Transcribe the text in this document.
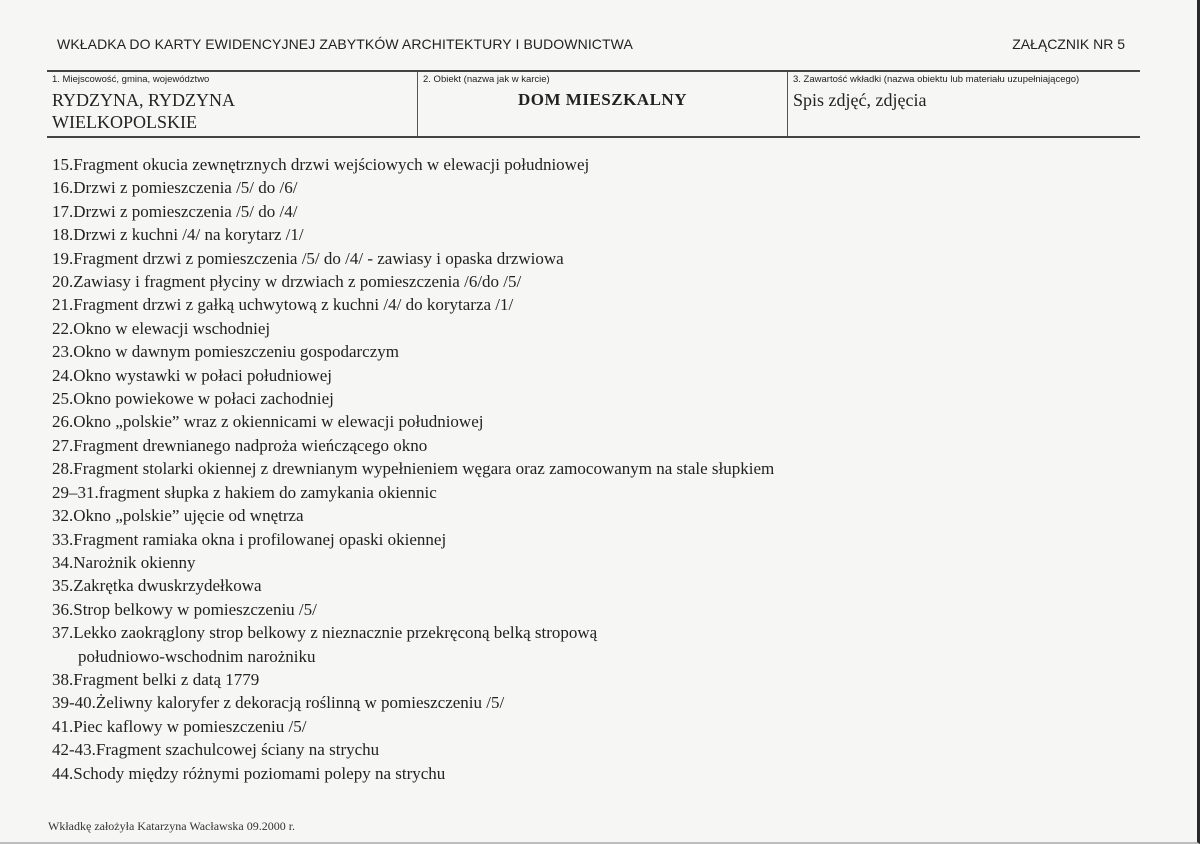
WKŁADKA DO KARTY EWIDENCYJNEJ ZABYTKÓW ARCHITEKTURY I BUDOWNICTWA	ZAŁĄCZNIK NR 5
1. Miejscowość, gmina, województwo
RYDZYNA, RYDZYNA
WIELKOPOLSKIE
2. Obiekt (nazwa jak w karcie)
DOM MIESZKALNY
3. Zawartość wkładki (nazwa obiektu lub materiału uzupełniającego)
Spis zdjęć, zdjęcia
15.Fragment okucia zewnętrznych drzwi wejściowych w elewacji południowej
16.Drzwi z pomieszczenia /5/ do /6/
17.Drzwi z pomieszczenia /5/ do /4/
18.Drzwi z kuchni /4/ na korytarz /1/
19.Fragment drzwi z pomieszczenia /5/ do /4/ - zawiasy i opaska drzwiowa
20.Zawiasy i fragment płyciny w drzwiach z pomieszczenia /6/do /5/
21.Fragment drzwi z gałką uchwytową z kuchni /4/ do korytarza /1/
22.Okno w elewacji wschodniej
23.Okno w dawnym pomieszczeniu gospodarczym
24.Okno wystawki w połaci południowej
25.Okno powiekowe w połaci zachodniej
26.Okno „polskie” wraz z okiennicami w elewacji południowej
27.Fragment drewnianego nadproża wieńczącego okno
28.Fragment stolarki okiennej z drewnianym wypełnieniem węgara oraz zamocowanym na stale słupkiem
29–31.fragment słupka z hakiem do zamykania okiennic
32.Okno „polskie” ujęcie od wnętrza
33.Fragment ramiaka okna i profilowanej opaski okiennej
34.Narożnik okienny
35.Zakrętka dwuskrzydełkowa
36.Strop belkowy w pomieszczeniu /5/
37.Lekko zaokrąglony strop belkowy z nieznacznie przekręconą belką stropową
południowo-wschodnim narożniku
38.Fragment belki z datą 1779
39-40.Żeliwny kaloryfer z dekoracją roślinną w pomieszczeniu /5/
41.Piec kaflowy w pomieszczeniu /5/
42-43.Fragment szachulcowej ściany na strychu
44.Schody między różnymi poziomami polepy na strychu
Wkładkę założyła Katarzyna Wacławska 09.2000 r.
